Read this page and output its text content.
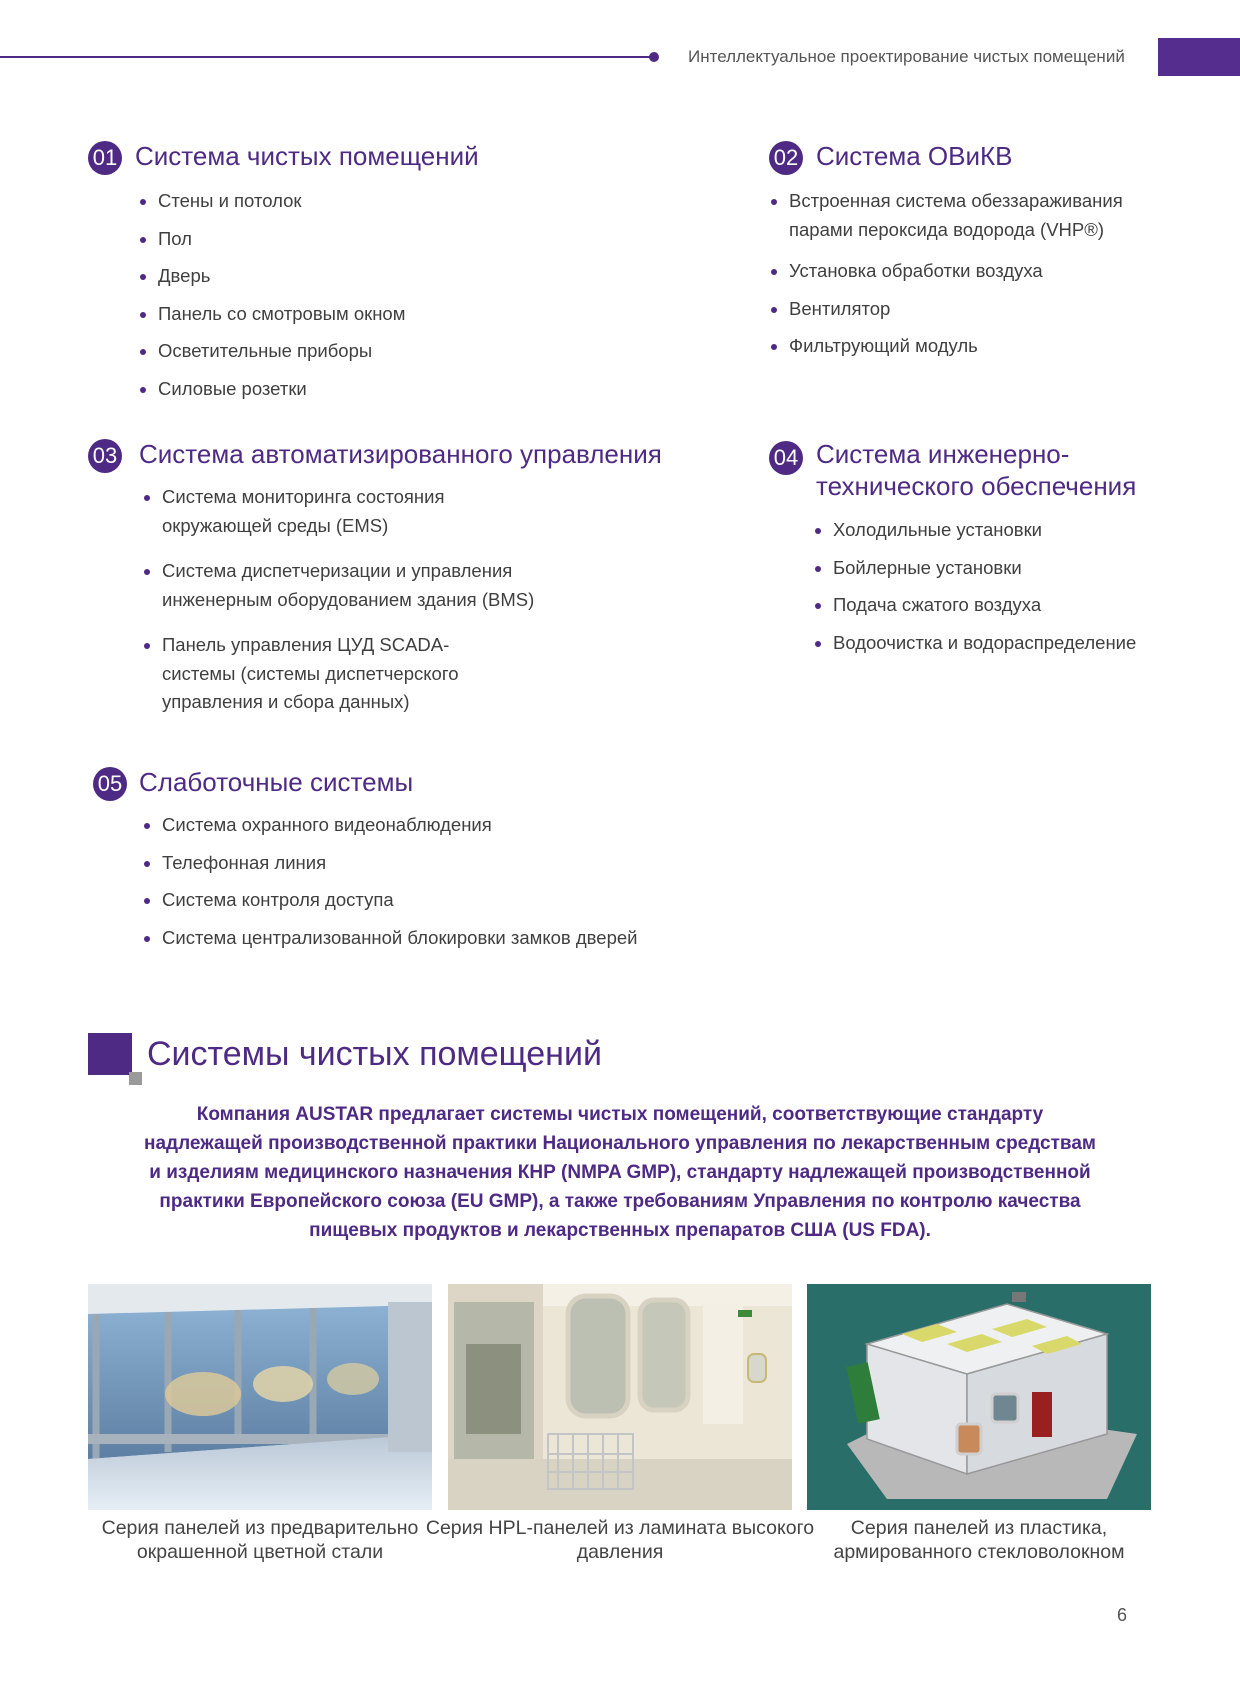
Интеллектуальное проектирование чистых помещений
01 Система чистых помещений
Стены и потолок
Пол
Дверь
Панель со смотровым окном
Осветительные приборы
Силовые розетки
02 Система ОВиКВ
Встроенная система обеззараживания парами пероксида водорода (VHP®)
Установка обработки воздуха
Вентилятор
Фильтрующий модуль
03 Система автоматизированного управления
Система мониторинга состояния окружающей среды (EMS)
Система диспетчеризации и управления инженерным оборудованием здания (BMS)
Панель управления ЦУД SCADA-системы (системы диспетчерского управления и сбора данных)
04 Система инженерно-технического обеспечения
Холодильные установки
Бойлерные установки
Подача сжатого воздуха
Водоочистка и водораспределение
05 Слаботочные системы
Система охранного видеонаблюдения
Телефонная линия
Система контроля доступа
Система централизованной блокировки замков дверей
Системы чистых помещений
Компания AUSTAR предлагает системы чистых помещений, соответствующие стандарту надлежащей производственной практики Национального управления по лекарственным средствам и изделиям медицинского назначения КНР (NMPA GMP), стандарту надлежащей производственной практики Европейского союза (EU GMP), а также требованиям Управления по контролю качества пищевых продуктов и лекарственных препаратов США (US FDA).
Серия панелей из предварительно окрашенной цветной стали
Серия HPL-панелей из ламината высокого давления
Серия панелей из пластика, армированного стекловолокном
6
